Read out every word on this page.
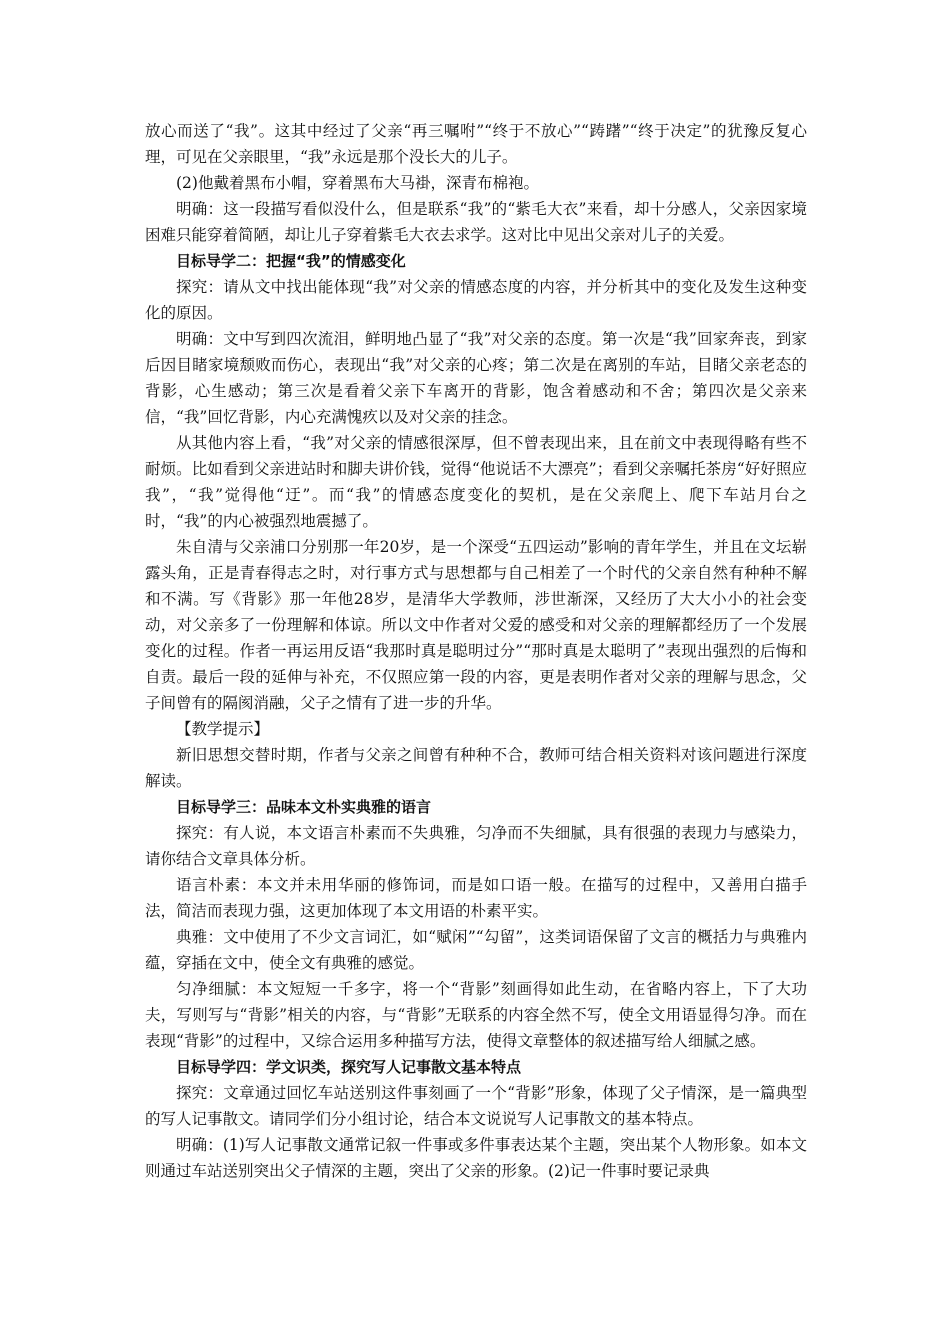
放心而送了“我”。这其中经过了父亲“再三嘱咐”“终于不放心”“踌躇”“终于决定”的犹豫反复心理，可见在父亲眼里，“我”永远是那个没长大的儿子。

(2)他戴着黑布小帽，穿着黑布大马褂，深青布棉袍。

明确：这一段描写看似没什么，但是联系“我”的“紫毛大衣”来看，却十分感人，父亲因家境困难只能穿着简陋，却让儿子穿着紫毛大衣去求学。这对比中见出父亲对儿子的关爱。

目标导学二：把握“我”的情感变化

探究：请从文中找出能体现“我”对父亲的情感态度的内容，并分析其中的变化及发生这种变化的原因。

明确：文中写到四次流泪，鲜明地凸显了“我”对父亲的态度。第一次是“我”回家奔丧，到家后因目睹家境颓败而伤心，表现出“我”对父亲的心疼；第二次是在离别的车站，目睹父亲老态的背影，心生感动；第三次是看着父亲下车离开的背影，饱含着感动和不舍；第四次是父亲来信，“我”回忆背影，内心充满愧疚以及对父亲的挂念。

从其他内容上看，“我”对父亲的情感很深厚，但不曾表现出来，且在前文中表现得略有些不耐烦。比如看到父亲进站时和脚夫讲价钱，觉得“他说话不大漂亮”；看到父亲嘱托茶房“好好照应我”，“我”觉得他“迂”。而“我”的情感态度变化的契机，是在父亲爬上、爬下车站月台之时，“我”的内心被强烈地震撼了。

朱自清与父亲浦口分别那一年20岁，是一个深受“五四运动”影响的青年学生，并且在文坛崭露头角，正是青春得志之时，对行事方式与思想都与自己相差了一个时代的父亲自然有种种不解和不满。写《背影》那一年他28岁，是清华大学教师，涉世渐深，又经历了大大小小的社会变动，对父亲多了一份理解和体谅。所以文中作者对父爱的感受和对父亲的理解都经历了一个发展变化的过程。作者一再运用反语“我那时真是聪明过分”“那时真是太聪明了”表现出强烈的后悔和自责。最后一段的延伸与补充，不仅照应第一段的内容，更是表明作者对父亲的理解与思念，父子间曾有的隔阂消融，父子之情有了进一步的升华。

【教学提示】

新旧思想交替时期，作者与父亲之间曾有种种不合，教师可结合相关资料对该问题进行深度解读。

目标导学三：品味本文朴实典雅的语言

探究：有人说，本文语言朴素而不失典雅，匀净而不失细腻，具有很强的表现力与感染力，请你结合文章具体分析。

语言朴素：本文并未用华丽的修饰词，而是如口语一般。在描写的过程中，又善用白描手法，简洁而表现力强，这更加体现了本文用语的朴素平实。

典雅：文中使用了不少文言词汇，如“赋闲”“勾留”，这类词语保留了文言的概括力与典雅内蕴，穿插在文中，使全文有典雅的感觉。

匀净细腻：本文短短一千多字，将一个“背影”刻画得如此生动，在省略内容上，下了大功夫，写则写与“背影”相关的内容，与“背影”无联系的内容全然不写，使全文用语显得匀净。而在表现“背影”的过程中，又综合运用多种描写方法，使得文章整体的叙述描写给人细腻之感。

目标导学四：学文识类，探究写人记事散文基本特点

探究：文章通过回忆车站送别这件事刻画了一个“背影”形象，体现了父子情深，是一篇典型的写人记事散文。请同学们分小组讨论，结合本文说说写人记事散文的基本特点。

明确：(1)写人记事散文通常记叙一件事或多件事表达某个主题，突出某个人物形象。如本文则通过车站送别突出父子情深的主题，突出了父亲的形象。(2)记一件事时要记录典
